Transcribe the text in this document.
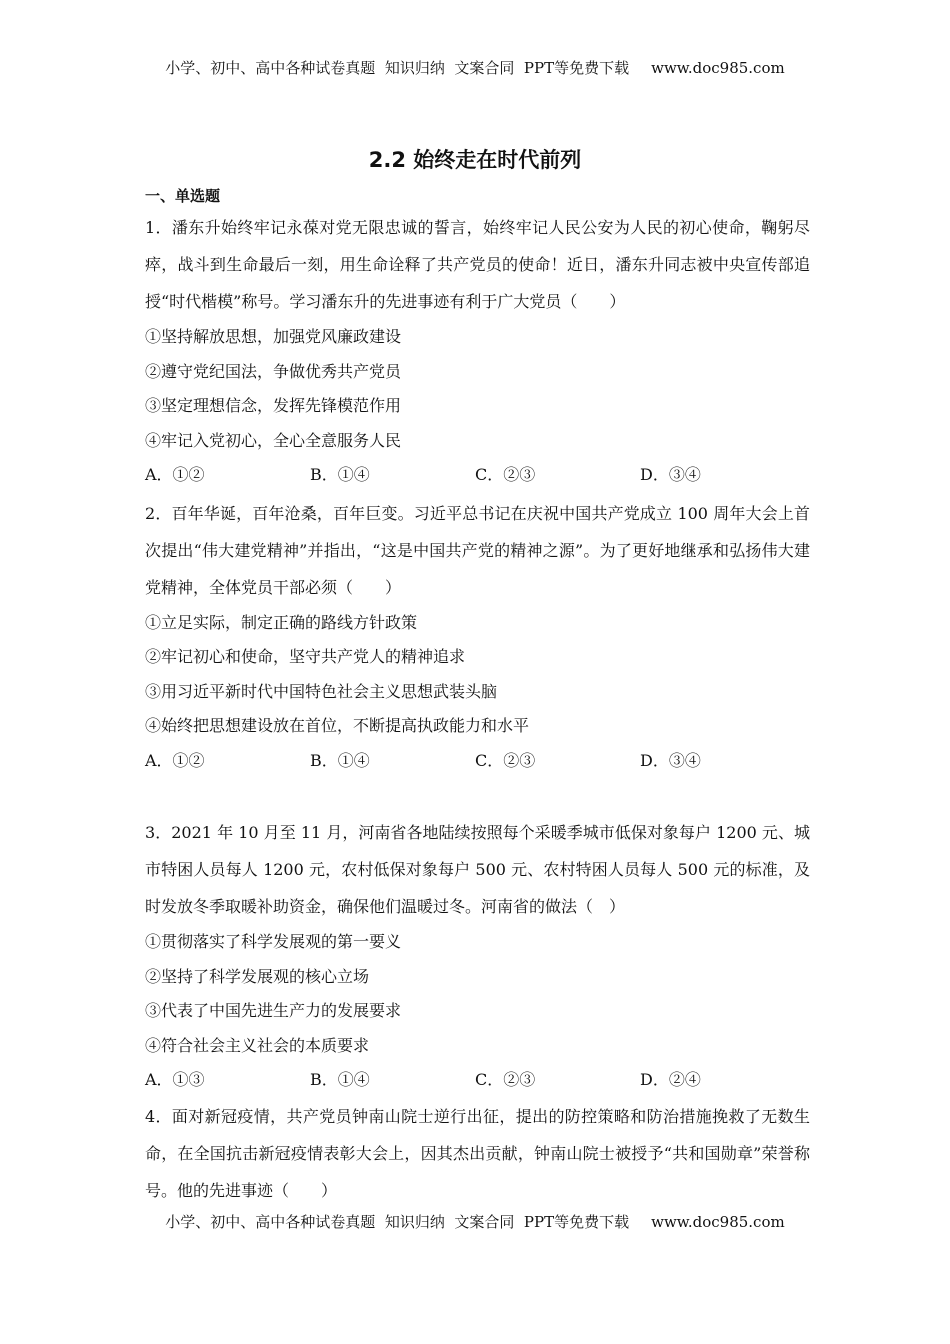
小学、初中、高中各种试卷真题  知识归纳  文案合同  PPT等免费下载 www.doc985.com
2.2 始终走在时代前列
一、单选题

1．潘东升始终牢记永葆对党无限忠诚的誓言，始终牢记人民公安为人民的初心使命，鞠躬尽瘁，战斗到生命最后一刻，用生命诠释了共产党员的使命！近日，潘东升同志被中央宣传部追授“时代楷模”称号。学习潘东升的先进事迹有利于广大党员（　　）

①坚持解放思想，加强党风廉政建设

②遵守党纪国法，争做优秀共产党员

③坚定理想信念，发挥先锋模范作用

④牢记入党初心，全心全意服务人民

A．①②	B．①④	C．②③	D．③④

2．百年华诞，百年沧桑，百年巨变。习近平总书记在庆祝中国共产党成立 100 周年大会上首次提出“伟大建党精神”并指出，“这是中国共产党的精神之源”。为了更好地继承和弘扬伟大建党精神，全体党员干部必须（　　）

①立足实际，制定正确的路线方针政策

②牢记初心和使命，坚守共产党人的精神追求

③用习近平新时代中国特色社会主义思想武装头脑

④始终把思想建设放在首位，不断提高执政能力和水平

A．①②	B．①④	C．②③	D．③④

3．2021 年 10 月至 11 月，河南省各地陆续按照每个采暖季城市低保对象每户 1200 元、城市特困人员每人 1200 元，农村低保对象每户 500 元、农村特困人员每人 500 元的标准，及时发放冬季取暖补助资金，确保他们温暖过冬。河南省的做法（　）

①贯彻落实了科学发展观的第一要义

②坚持了科学发展观的核心立场

③代表了中国先进生产力的发展要求

④符合社会主义社会的本质要求

A．①③	B．①④	C．②③	D．②④

4．面对新冠疫情，共产党员钟南山院士逆行出征，提出的防控策略和防治措施挽救了无数生命，在全国抗击新冠疫情表彰大会上，因其杰出贡献，钟南山院士被授予“共和国勋章”荣誉称号。他的先进事迹（　　）

小学、初中、高中各种试卷真题  知识归纳  文案合同  PPT等免费下载 www.doc985.com
